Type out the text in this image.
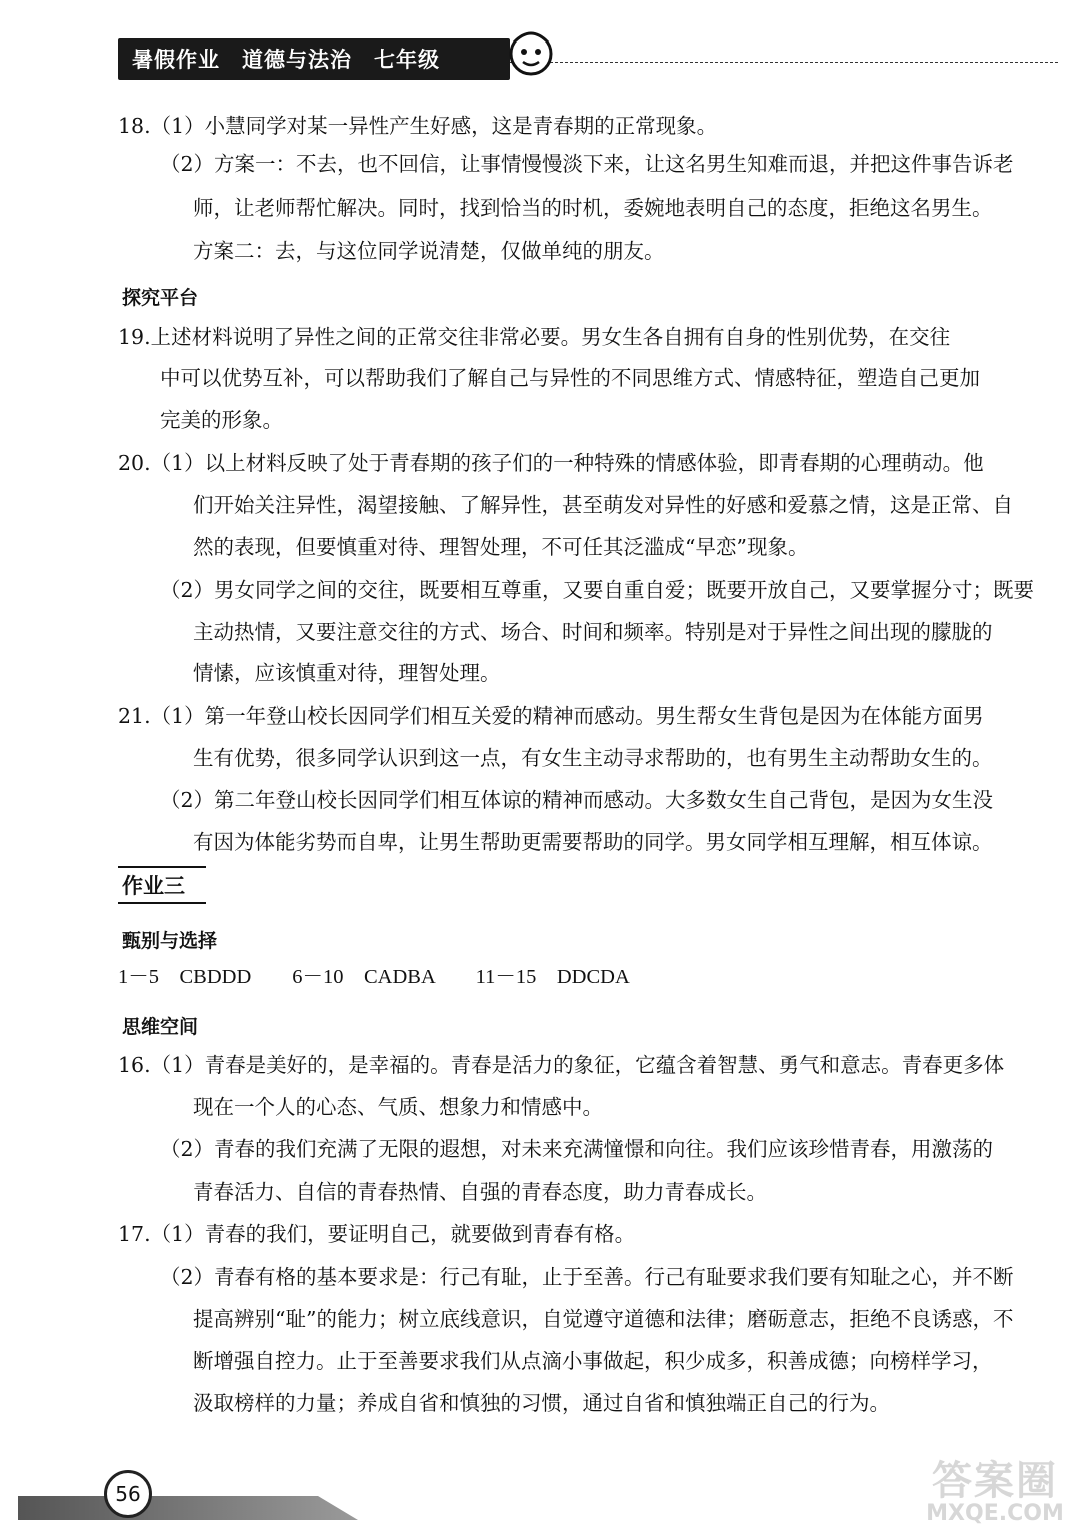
暑假作业 道德与法治 七年级
18.（1）小慧同学对某一异性产生好感，这是青春期的正常现象。
（2）方案一：不去，也不回信，让事情慢慢淡下来，让这名男生知难而退，并把这件事告诉老
师，让老师帮忙解决。同时，找到恰当的时机，委婉地表明自己的态度，拒绝这名男生。
方案二：去，与这位同学说清楚，仅做单纯的朋友。
探究平台
19.上述材料说明了异性之间的正常交往非常必要。男女生各自拥有自身的性别优势，在交往
中可以优势互补，可以帮助我们了解自己与异性的不同思维方式、情感特征，塑造自己更加
完美的形象。
20.（1）以上材料反映了处于青春期的孩子们的一种特殊的情感体验，即青春期的心理萌动。他
们开始关注异性，渴望接触、了解异性，甚至萌发对异性的好感和爱慕之情，这是正常、自
然的表现，但要慎重对待、理智处理，不可任其泛滥成“早恋”现象。
（2）男女同学之间的交往，既要相互尊重，又要自重自爱；既要开放自己，又要掌握分寸；既要
主动热情，又要注意交往的方式、场合、时间和频率。特别是对于异性之间出现的朦胧的
情愫，应该慎重对待，理智处理。
21.（1）第一年登山校长因同学们相互关爱的精神而感动。男生帮女生背包是因为在体能方面男
生有优势，很多同学认识到这一点，有女生主动寻求帮助的，也有男生主动帮助女生的。
（2）第二年登山校长因同学们相互体谅的精神而感动。大多数女生自己背包，是因为女生没
有因为体能劣势而自卑，让男生帮助更需要帮助的同学。男女同学相互理解，相互体谅。
作业三
甄别与选择
1－5　CBDDD　　6－10　CADBA　　11－15　DDCDA
思维空间
16.（1）青春是美好的，是幸福的。青春是活力的象征，它蕴含着智慧、勇气和意志。青春更多体
现在一个人的心态、气质、想象力和情感中。
（2）青春的我们充满了无限的遐想，对未来充满憧憬和向往。我们应该珍惜青春，用激荡的
青春活力、自信的青春热情、自强的青春态度，助力青春成长。
17.（1）青春的我们，要证明自己，就要做到青春有格。
（2）青春有格的基本要求是：行己有耻，止于至善。行己有耻要求我们要有知耻之心，并不断
提高辨别“耻”的能力；树立底线意识，自觉遵守道德和法律；磨砺意志，拒绝不良诱惑，不
断增强自控力。止于至善要求我们从点滴小事做起，积少成多，积善成德；向榜样学习，
汲取榜样的力量；养成自省和慎独的习惯，通过自省和慎独端正自己的行为。
56	答案圈
MXQE.COM
